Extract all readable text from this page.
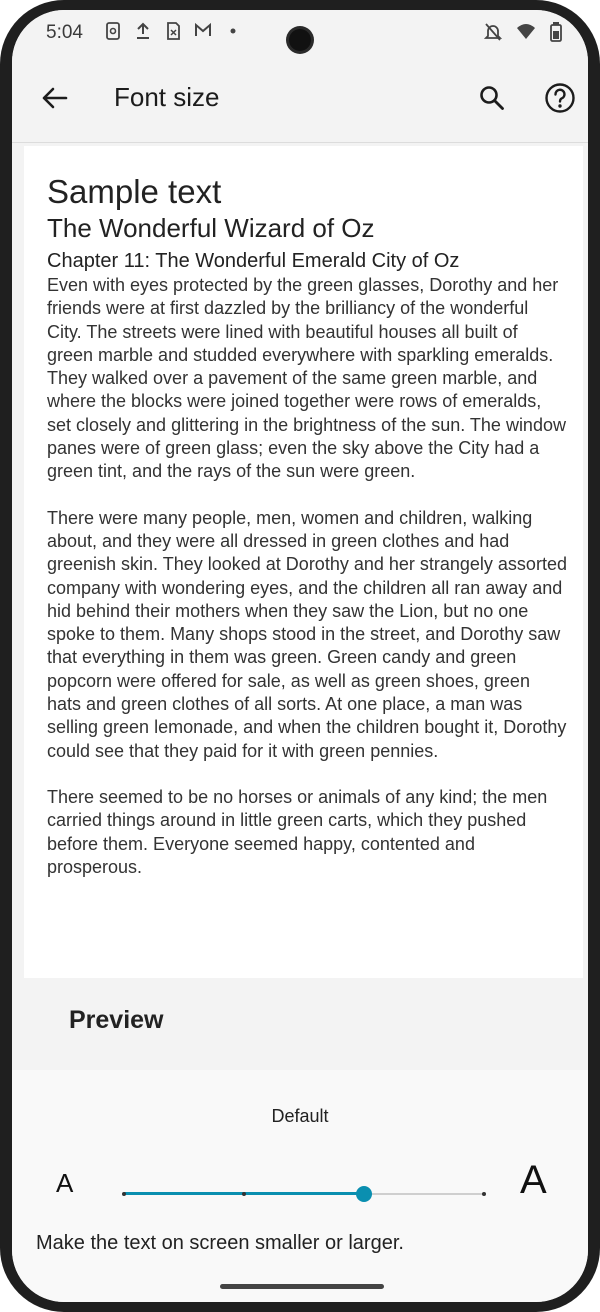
5:04
Font size
Sample text
The Wonderful Wizard of Oz
Chapter 11: The Wonderful Emerald City of Oz

Even with eyes protected by the green glasses, Dorothy and her friends were at first dazzled by the brilliancy of the wonderful City. The streets were lined with beautiful houses all built of green marble and studded everywhere with sparkling emeralds. They walked over a pavement of the same green marble, and where the blocks were joined together were rows of emeralds, set closely and glittering in the brightness of the sun. The window panes were of green glass; even the sky above the City had a green tint, and the rays of the sun were green.

There were many people, men, women and children, walking about, and they were all dressed in green clothes and had greenish skin. They looked at Dorothy and her strangely assorted company with wondering eyes, and the children all ran away and hid behind their mothers when they saw the Lion, but no one spoke to them. Many shops stood in the street, and Dorothy saw that everything in them was green. Green candy and green popcorn were offered for sale, as well as green shoes, green hats and green clothes of all sorts. At one place, a man was selling green lemonade, and when the children bought it, Dorothy could see that they paid for it with green pennies.

There seemed to be no horses or animals of any kind; the men carried things around in little green carts, which they pushed before them. Everyone seemed happy, contented and prosperous.

Preview
Default
A	A
Make the text on screen smaller or larger.
